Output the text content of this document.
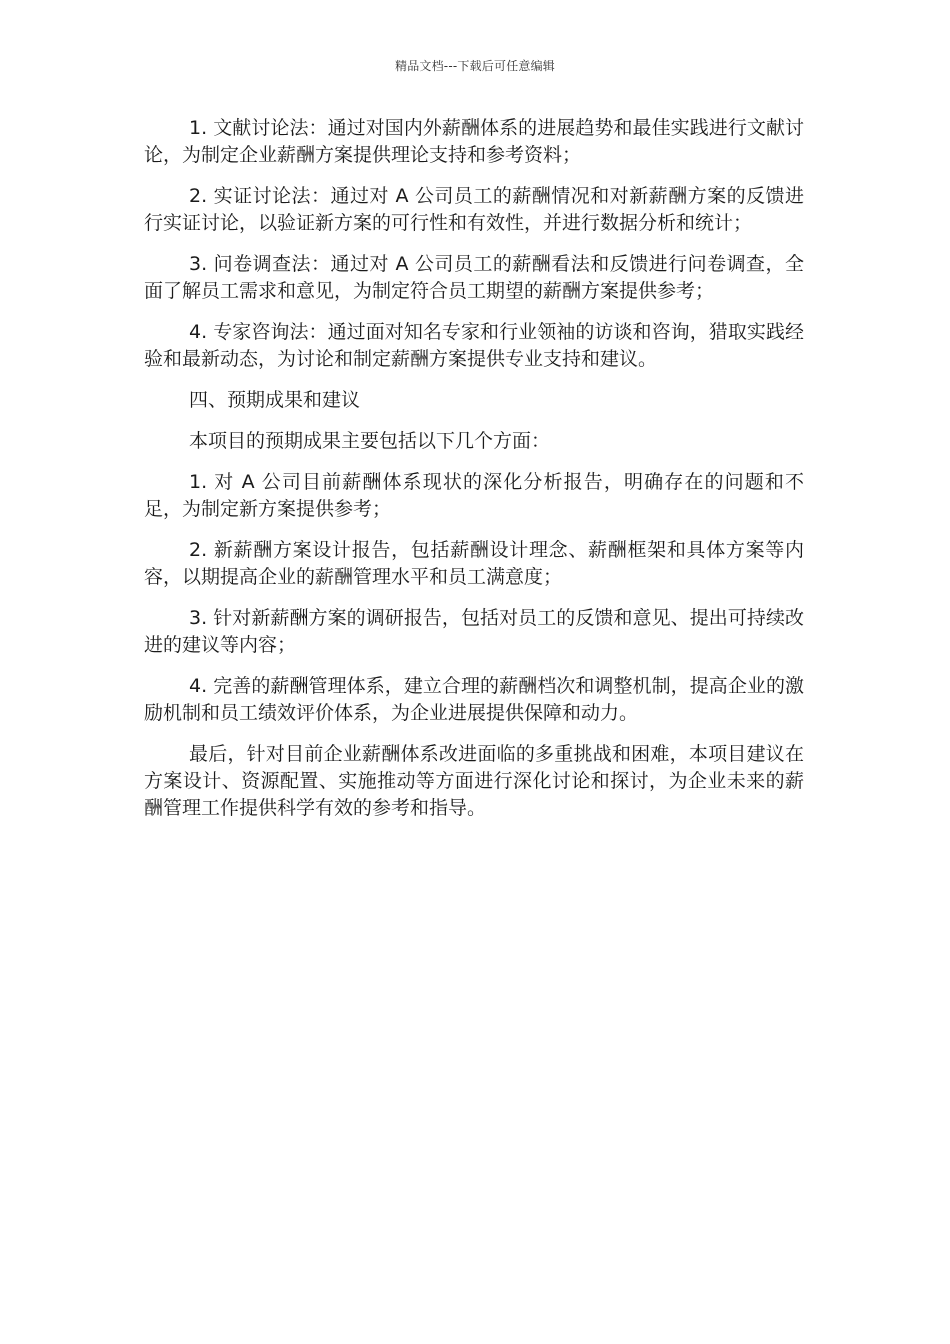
精品文档---下载后可任意编辑

1. 文献讨论法：通过对国内外薪酬体系的进展趋势和最佳实践进行文献讨论，为制定企业薪酬方案提供理论支持和参考资料；

2. 实证讨论法：通过对 A 公司员工的薪酬情况和对新薪酬方案的反馈进行实证讨论，以验证新方案的可行性和有效性，并进行数据分析和统计；

3. 问卷调查法：通过对 A 公司员工的薪酬看法和反馈进行问卷调查，全面了解员工需求和意见，为制定符合员工期望的薪酬方案提供参考；

4. 专家咨询法：通过面对知名专家和行业领袖的访谈和咨询，猎取实践经验和最新动态，为讨论和制定薪酬方案提供专业支持和建议。

四、预期成果和建议

本项目的预期成果主要包括以下几个方面：

1. 对 A 公司目前薪酬体系现状的深化分析报告，明确存在的问题和不足，为制定新方案提供参考；

2. 新薪酬方案设计报告，包括薪酬设计理念、薪酬框架和具体方案等内容，以期提高企业的薪酬管理水平和员工满意度；

3. 针对新薪酬方案的调研报告，包括对员工的反馈和意见、提出可持续改进的建议等内容；

4. 完善的薪酬管理体系，建立合理的薪酬档次和调整机制，提高企业的激励机制和员工绩效评价体系，为企业进展提供保障和动力。

最后，针对目前企业薪酬体系改进面临的多重挑战和困难，本项目建议在方案设计、资源配置、实施推动等方面进行深化讨论和探讨，为企业未来的薪酬管理工作提供科学有效的参考和指导。
